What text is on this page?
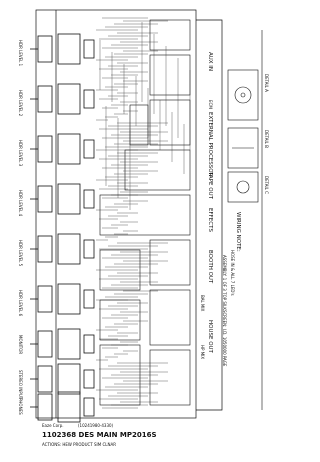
HDR LEVEL 1
HDR LEVEL 2
HDR LEVEL 3
HDR LEVEL 4
HDR LEVEL 5
HDR LEVEL 6
MONITOR
STEREO INPUT
PHONES
AUX IN
ECM
EXTERNAL PROCESSOR
TAPE OUT
EFFECTS
BOOTH OUT
BAL MIX
HOUSE OUT
HP MIX
DETAIL A
DETAIL B
DETAIL C
WIRING NOTE:
HOSE IN & ALL 7 LED's
ASSEMBLY: 1 OF 3 TOP SILKSCREEN: I.D. 1050000 PAGE
Eaze Corp.	(10241980-4330)
1102368 DES MAIN MP2016S
ACTIONS: HEW PRODUCT SIM CLNAR
